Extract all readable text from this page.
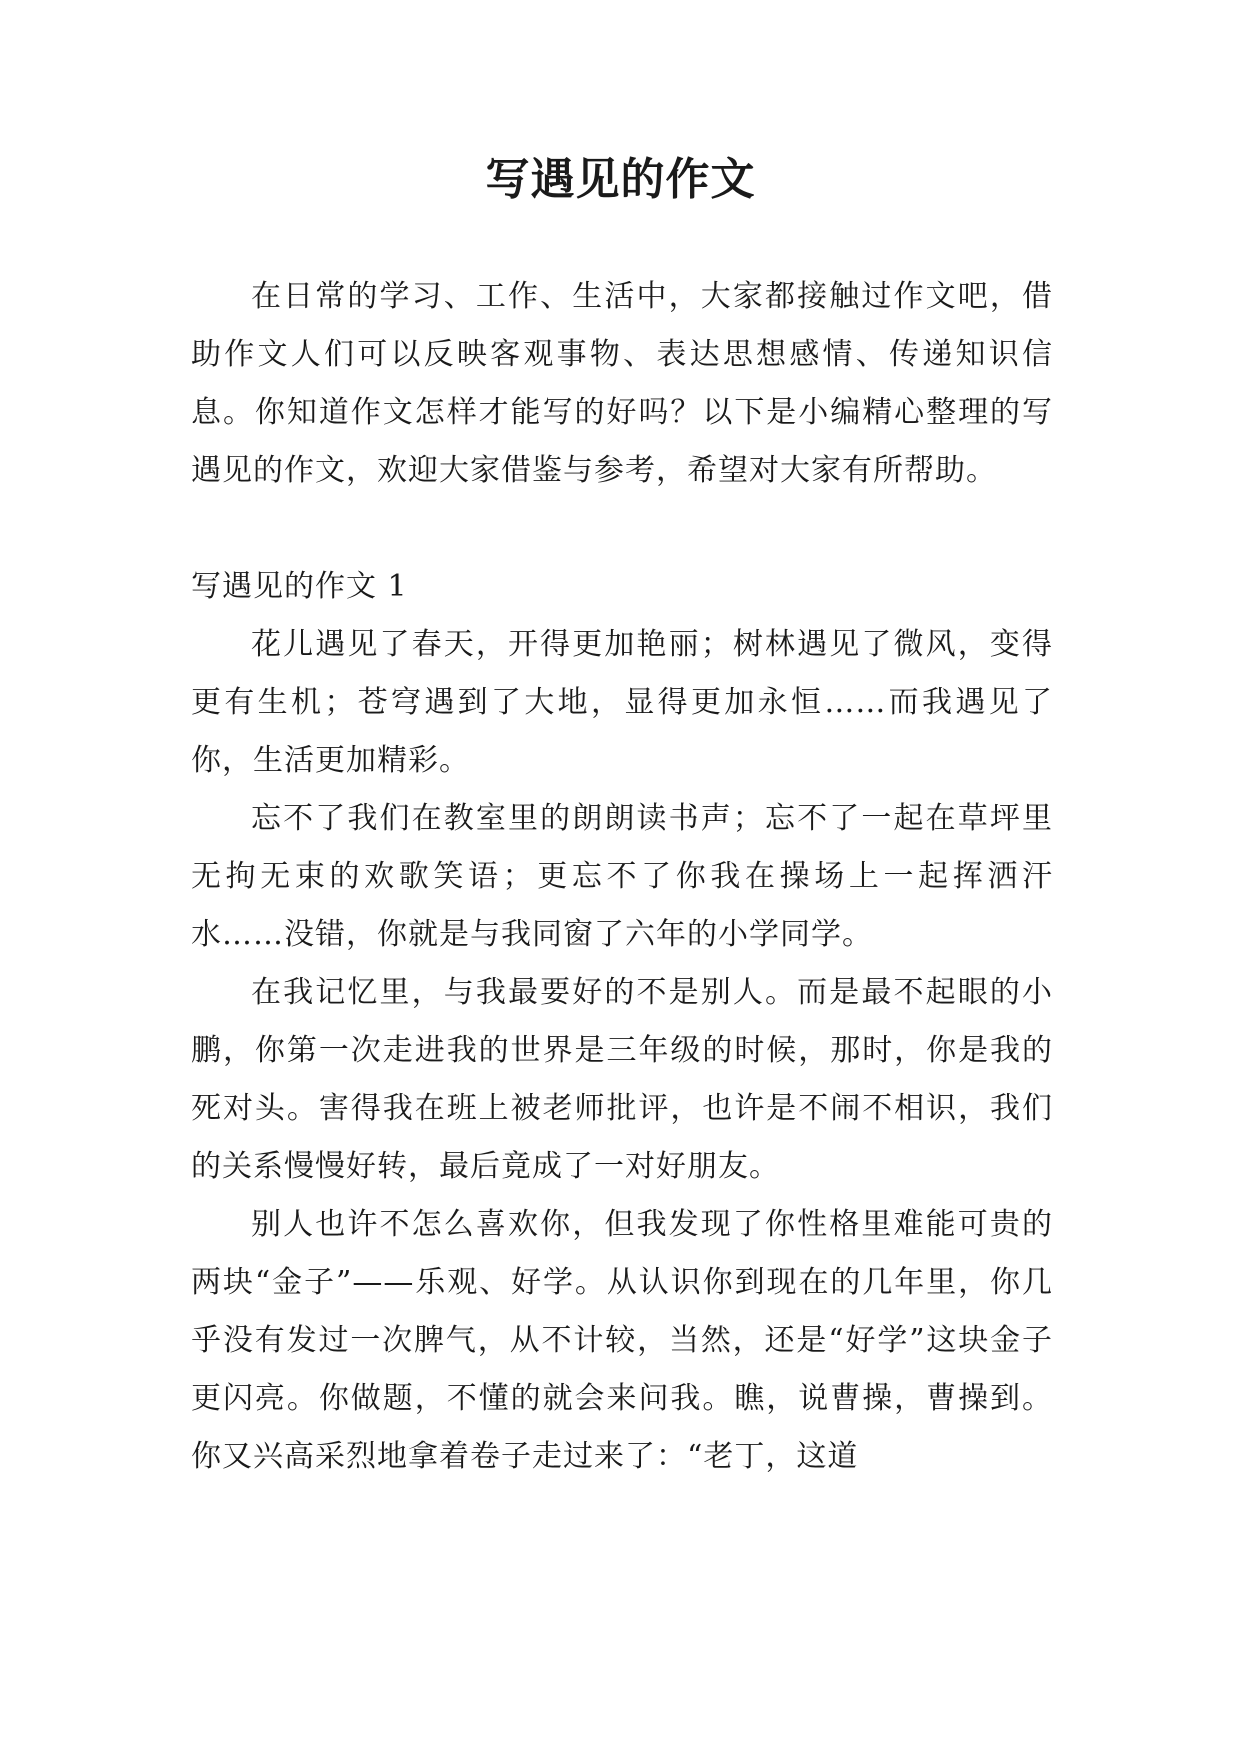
写遇见的作文

在日常的学习、工作、生活中，大家都接触过作文吧，借助作文人们可以反映客观事物、表达思想感情、传递知识信息。你知道作文怎样才能写的好吗？以下是小编精心整理的写遇见的作文，欢迎大家借鉴与参考，希望对大家有所帮助。

写遇见的作文 1

花儿遇见了春天，开得更加艳丽；树林遇见了微风，变得更有生机；苍穹遇到了大地，显得更加永恒……而我遇见了你，生活更加精彩。

忘不了我们在教室里的朗朗读书声；忘不了一起在草坪里无拘无束的欢歌笑语；更忘不了你我在操场上一起挥洒汗水……没错，你就是与我同窗了六年的小学同学。

在我记忆里，与我最要好的不是别人。而是最不起眼的小鹏，你第一次走进我的世界是三年级的时候，那时，你是我的死对头。害得我在班上被老师批评，也许是不闹不相识，我们的关系慢慢好转，最后竟成了一对好朋友。

别人也许不怎么喜欢你，但我发现了你性格里难能可贵的两块“金子”——乐观、好学。从认识你到现在的几年里，你几乎没有发过一次脾气，从不计较，当然，还是“好学”这块金子更闪亮。你做题，不懂的就会来问我。瞧，说曹操，曹操到。你又兴高采烈地拿着卷子走过来了：“老丁，这道
